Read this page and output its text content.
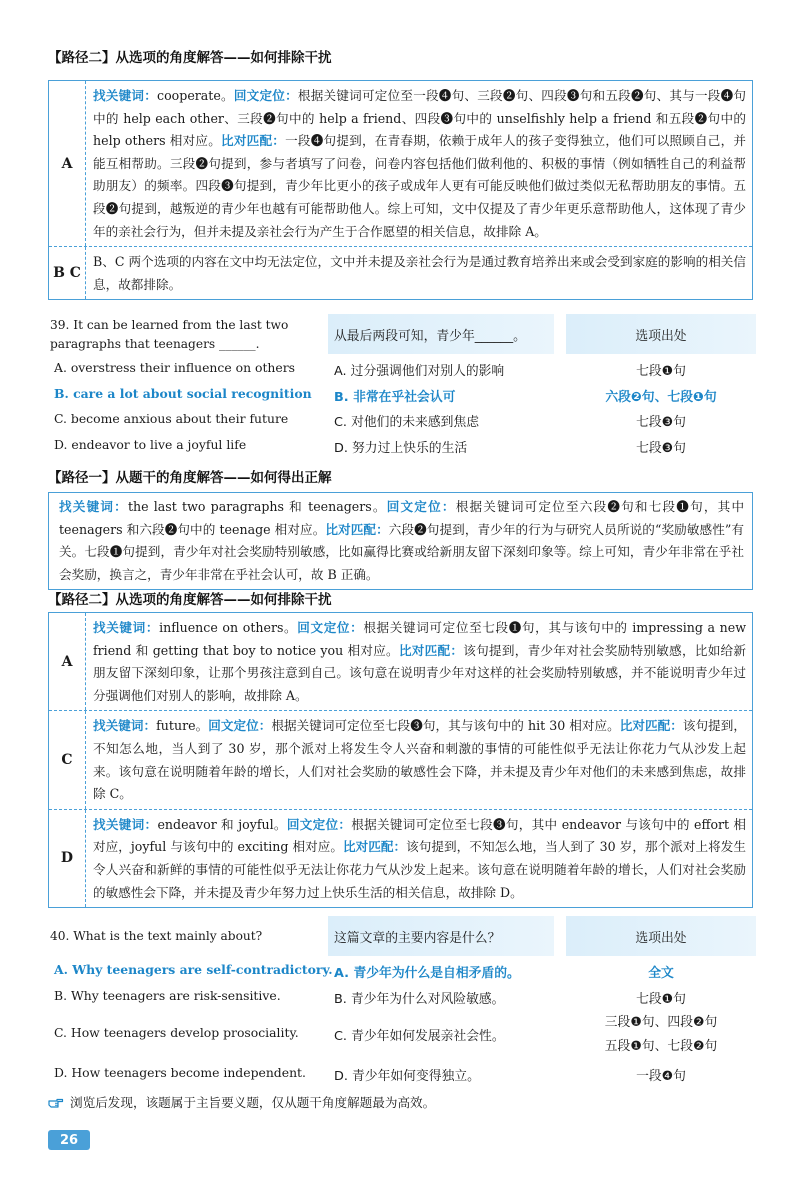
【路径二】从选项的角度解答——如何排除干扰
A
找关键词：cooperate。回文定位：根据关键词可定位至一段❹句、三段❷句、四段❸句和五段❷句、其与一段❹句中的 help each other、三段❷句中的 help a friend、四段❸句中的 unselfishly help a friend 和五段❷句中的 help others 相对应。比对匹配：一段❹句提到，在青春期，依赖于成年人的孩子变得独立，他们可以照顾自己，并能互相帮助。三段❷句提到，参与者填写了问卷，问卷内容包括他们做利他的、积极的事情（例如牺牲自己的利益帮助朋友）的频率。四段❸句提到，青少年比更小的孩子或成年人更有可能反映他们做过类似无私帮助朋友的事情。五段❷句提到，越叛逆的青少年也越有可能帮助他人。综上可知，文中仅提及了青少年更乐意帮助他人，这体现了青少年的亲社会行为，但并未提及亲社会行为产生于合作愿望的相关信息，故排除 A。
B C
B、C 两个选项的内容在文中均无法定位，文中并未提及亲社会行为是通过教育培养出来或会受到家庭的影响的相关信息，故都排除。
39. It can be learned from the last two paragraphs that teenagers ______.
从最后两段可知，青少年______。	选项出处
A. overstress their influence on others	A. 过分强调他们对别人的影响	七段❶句
B. care a lot about social recognition B. 非常在乎社会认可	六段❷句、七段❶句
C. become anxious about their future	C. 对他们的未来感到焦虑	七段❸句
D. endeavor to live a joyful life	D. 努力过上快乐的生活	七段❸句
【路径一】从题干的角度解答——如何得出正解
找关键词：the last two paragraphs 和 teenagers。回文定位：根据关键词可定位至六段❷句和七段❶句，其中 teenagers 和六段❷句中的 teenage 相对应。比对匹配：六段❷句提到，青少年的行为与研究人员所说的“奖励敏感性”有关。七段❶句提到，青少年对社会奖励特别敏感，比如赢得比赛或给新朋友留下深刻印象等。综上可知，青少年非常在乎社会奖励，换言之，青少年非常在乎社会认可，故 B 正确。
【路径二】从选项的角度解答——如何排除干扰
A
找关键词：influence on others。回文定位：根据关键词可定位至七段❶句，其与该句中的 impressing a new friend 和 getting that boy to notice you 相对应。比对匹配：该句提到，青少年对社会奖励特别敏感，比如给新朋友留下深刻印象，让那个男孩注意到自己。该句意在说明青少年对这样的社会奖励特别敏感，并不能说明青少年过分强调他们对别人的影响，故排除 A。
C
找关键词：future。回文定位：根据关键词可定位至七段❸句，其与该句中的 hit 30 相对应。比对匹配：该句提到，不知怎么地，当人到了 30 岁，那个派对上将发生令人兴奋和刺激的事情的可能性似乎无法让你花力气从沙发上起来。该句意在说明随着年龄的增长，人们对社会奖励的敏感性会下降，并未提及青少年对他们的未来感到焦虑，故排除 C。
D
找关键词：endeavor 和 joyful。回文定位：根据关键词可定位至七段❸句，其中 endeavor 与该句中的 effort 相对应，joyful 与该句中的 exciting 相对应。比对匹配：该句提到，不知怎么地，当人到了 30 岁，那个派对上将发生令人兴奋和新鲜的事情的可能性似乎无法让你花力气从沙发上起来。该句意在说明随着年龄的增长，人们对社会奖励的敏感性会下降，并未提及青少年努力过上快乐生活的相关信息，故排除 D。
40. What is the text mainly about?	这篇文章的主要内容是什么？	选项出处
A. Why teenagers are self-contradictory. A. 青少年为什么是自相矛盾的。	全文
B. Why teenagers are risk-sensitive.	B. 青少年为什么对风险敏感。	七段❶句
C. How teenagers develop prosociality.	C. 青少年如何发展亲社会性。
三段❶句、四段❷句
五段❶句、七段❷句
D. How teenagers become independent. D. 青少年如何变得独立。	一段❹句
浏览后发现，该题属于主旨要义题，仅从题干角度解题最为高效。
26
